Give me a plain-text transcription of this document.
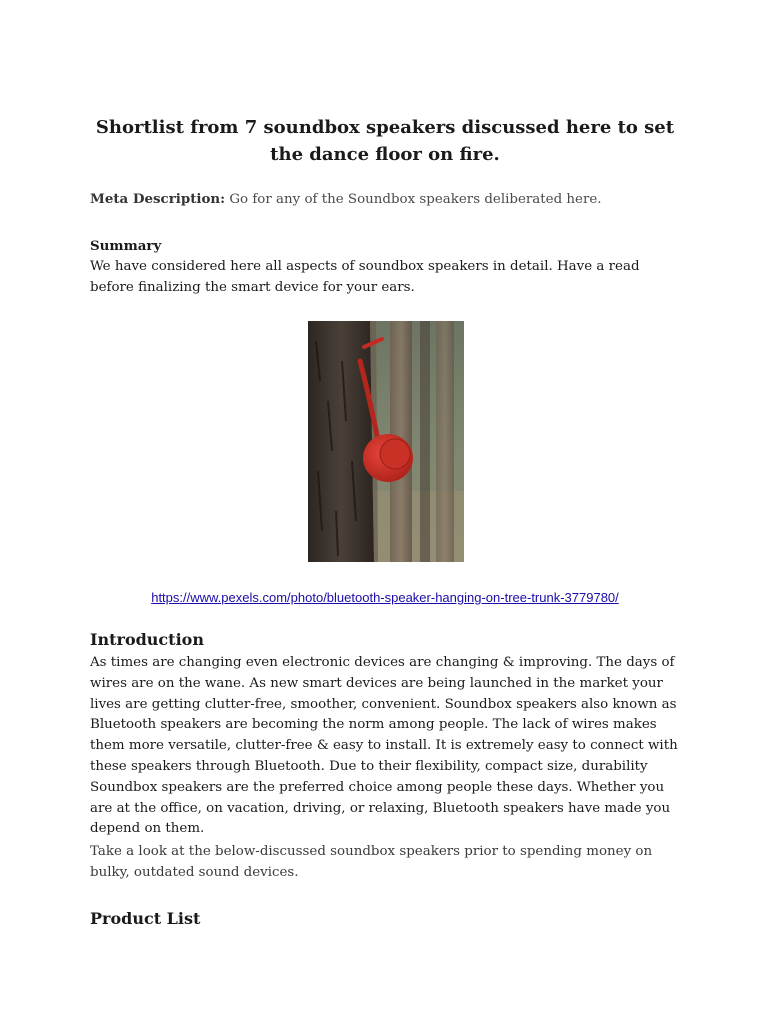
Shortlist from 7 soundbox speakers discussed here to set the dance floor on fire.

Meta Description: Go for any of the Soundbox speakers deliberated here.

Summary

We have considered here all aspects of soundbox speakers in detail. Have a read before finalizing the smart device for your ears.

https://www.pexels.com/photo/bluetooth-speaker-hanging-on-tree-trunk-3779780/

Introduction

As times are changing even electronic devices are changing & improving. The days of wires are on the wane. As new smart devices are being launched in the market your lives are getting clutter-free, smoother, convenient. Soundbox speakers also known as Bluetooth speakers are becoming the norm among people. The lack of wires makes them more versatile, clutter-free & easy to install. It is extremely easy to connect with these speakers through Bluetooth. Due to their flexibility, compact size, durability Soundbox speakers are the preferred choice among people these days. Whether you are at the office, on vacation, driving, or relaxing, Bluetooth speakers have made you depend on them.

Take a look at the below-discussed soundbox speakers prior to spending money on bulky, outdated sound devices.

Product List
